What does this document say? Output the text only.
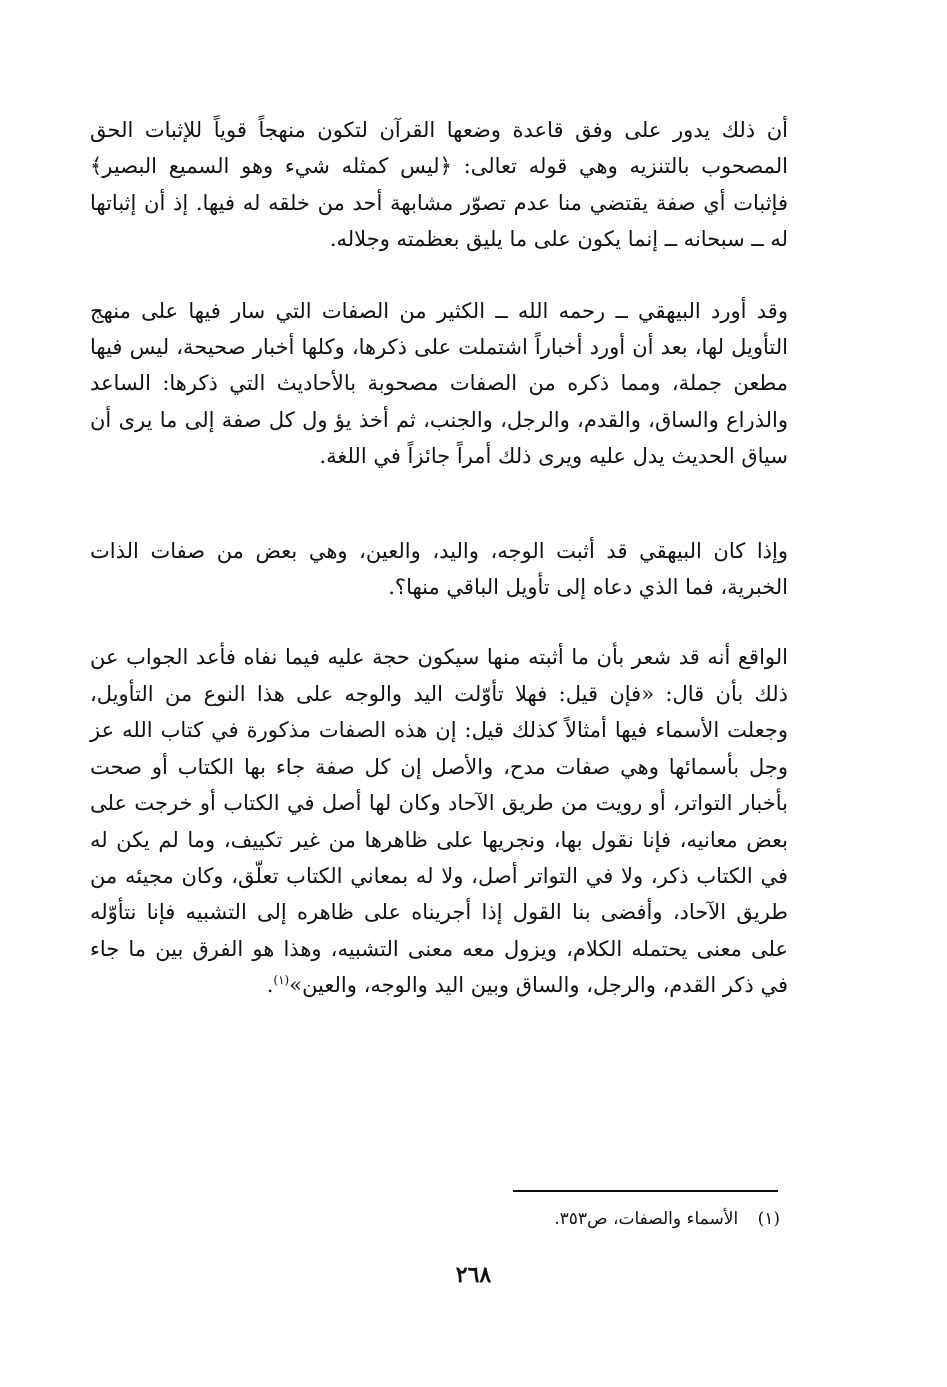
أن ذلك يدور على وفق قاعدة وضعها القرآن لتكون منهجاً قوياً للإثبات الحق المصحوب بالتنزيه وهي قوله تعالى: ﴿ليس كمثله شيء وهو السميع البصير﴾ فإثبات أي صفة يقتضي منا عدم تصوّر مشابهة أحد من خلقه له فيها. إذ أن إثباتها له ــ سبحانه ــ إنما يكون على ما يليق بعظمته وجلاله.

وقد أورد البيهقي ــ رحمه الله ــ الكثير من الصفات التي سار فيها على منهج التأويل لها، بعد أن أورد أخباراً اشتملت على ذكرها، وكلها أخبار صحيحة، ليس فيها مطعن جملة، ومما ذكره من الصفات مصحوبة بالأحاديث التي ذكرها: الساعد والذراع والساق، والقدم، والرجل، والجنب، ثم أخذ يؤ ول كل صفة إلى ما يرى أن سياق الحديث يدل عليه ويرى ذلك أمراً جائزاً في اللغة.

وإذا كان البيهقي قد أثبت الوجه، واليد، والعين، وهي بعض من صفات الذات الخبرية، فما الذي دعاه إلى تأويل الباقي منها؟.

الواقع أنه قد شعر بأن ما أثبته منها سيكون حجة عليه فيما نفاه فأعد الجواب عن ذلك بأن قال: «فإن قيل: فهلا تأوّلت اليد والوجه على هذا النوع من التأويل، وجعلت الأسماء فيها أمثالاً كذلك قيل: إن هذه الصفات مذكورة في كتاب الله عز وجل بأسمائها وهي صفات مدح، والأصل إن كل صفة جاء بها الكتاب أو صحت بأخبار التواتر، أو رويت من طريق الآحاد وكان لها أصل في الكتاب أو خرجت على بعض معانيه، فإنا نقول بها، ونجريها على ظاهرها من غير تكييف، وما لم يكن له في الكتاب ذكر، ولا في التواتر أصل، ولا له بمعاني الكتاب تعلّق، وكان مجيئه من طريق الآحاد، وأفضى بنا القول إذا أجريناه على ظاهره إلى التشبيه فإنا نتأوّله على معنى يحتمله الكلام، ويزول معه معنى التشبيه، وهذا هو الفرق بين ما جاء في ذكر القدم، والرجل، والساق وبين اليد والوجه، والعين»$^{(١)}$.

(١) الأسماء والصفات، ص٣٥٣.
٢٦٨
